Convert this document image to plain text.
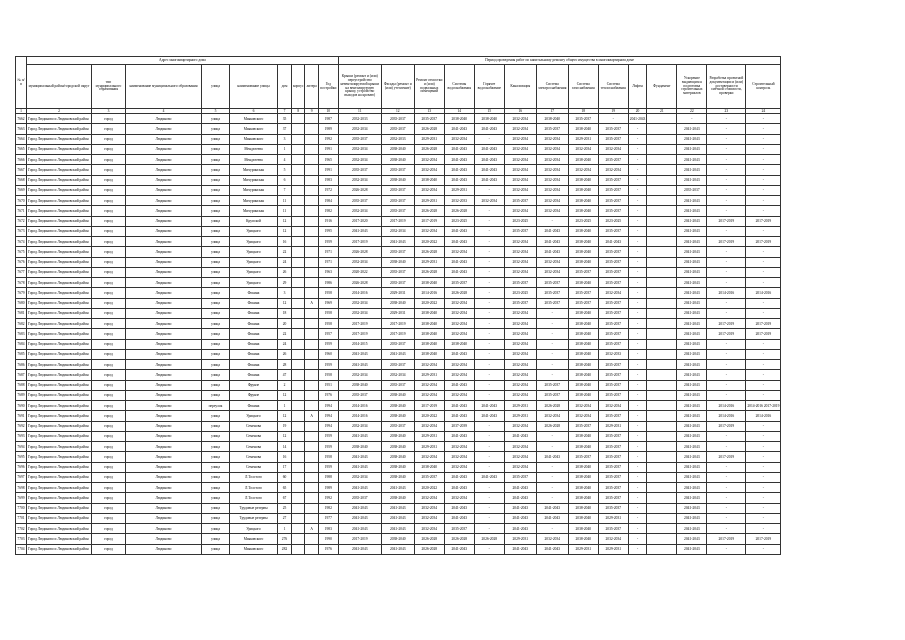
№ п/п	Адрес многоквартирного дома									Период проведения работ по капитальному ремонту общего имущества в многоквартирном доме													
	муниципальный район/городской округ	тип муниципального образования	наименование муниципального образования	улица	наименование улицы	дом	корпус	литера	Год постройки	Крыши (ремонт и (или) переустройство невентилируемой крыши на вентилируемую крышу, устройство выходов на кровлю)	Фасады (ремонт и (или) утепление)	Ремонт отмостки и (или) подвальных помещений	Системы водоснабжения	Горячее водоснабжение	Канализация	Система электроснабжения	Система газоснабжения	Система теплоснабжения	Лифты	Фундамент	Ускорение выдающихся подготовка строительных материалов	Разработка проектной документации и (или) достоверности сметной стоимости, проверки	Строительный контроль
1	2	3	4	5	6	7	8	9	10	11	12	13	14	15	16	17	18	19	20	21	22	23	24
7662	Город Людиново и Людиновский район	город	Людиново	улица	Маяковского	35			1987	2032-2033	2035-2037	2035-2037	2038-2040	2038-2040	2032-2034	2038-2040	2035-2037	-	2041-2043		-	-	-
7663	Город Людиново и Людиновский район	город	Людиново	улица	Маяковского	37			1989	2032-2034	2035-2037	2026-2028	2041-2043	2041-2043	2032-2034	2035-2037	2038-2040	2035-2037	-		2041-2043	-	-
7664	Город Людиново и Людиновский район	город	Людиново	улица	Маяковского	3			1992	2035-2037	2032-2033	2029-2031	2032-2034	-	2032-2034	2032-2034	2029-2031	2035-2037	-		2041-2043	-	-
7665	Город Людиново и Людиновский район	город	Людиново	улица	Менделеева	1			1991	2032-2034	2038-2040	2026-2028	2041-2043	2041-2043	2032-2034	2032-2034	2032-2034	2032-2034	-		2041-2043	-	-
7666	Город Людиново и Людиновский район	город	Людиново	улица	Менделеева	4			1965	2032-2034	2038-2040	2032-2034	2041-2043	2041-2043	2032-2034	2032-2034	2038-2040	2035-2037	-		2041-2043	-	-
7667	Город Людиново и Людиновский район	город	Людиново	улица	Мичуринская	5			1991	2035-2037	2035-2037	2032-2034	2041-2043	2041-2043	2032-2034	2032-2034	2032-2034	2032-2034	-		2041-2043	-	-
7668	Город Людиново и Людиновский район	город	Людиново	улица	Мичуринская	6			1983	2032-2034	2038-2040	2038-2040	2041-2043	2041-2043	2032-2034	2032-2034	2038-2040	2035-2037	-		2041-2043	-	-
7669	Город Людиново и Людиновский район	город	Людиново	улица	Мичуринская	7			1972	2026-2028	2035-2037	2032-2034	2029-2031	-	2032-2034	2032-2034	2038-2040	2035-2037	-		2035-2037	-	-
7670	Город Людиново и Людиновский район	город	Людиново	улица	Мичуринская	11			1984	2035-2037	2035-2037	2029-2031	2032-2033	2032-2034	2035-2037	2032-2034	2038-2040	2035-2037	-		2041-2043	-	-
7671	Город Людиново и Людиновский район	город	Людиново	улица	Мичуринская	11			1982	2032-2034	2035-2037	2026-2028	2026-2028	-	2032-2034	2032-2034	2038-2040	2035-2037	-		2041-2043	-	-
7672	Город Людиново и Людиновский район	город	Людиново	улица	Крупской	12			1916	2017-2020	2017-2019	2017-2019	2023-2025	-	2023-2025	-	2023-2025	2023-2025	-		2041-2043	2017-2019	2017-2019
7673	Город Людиново и Людиновский район	город	Людиново	улица	Урицкого	12			1995	2041-2043	2032-2034	2032-2034	2041-2043	-	2035-2037	2041-2043	2038-2040	2035-2037	-		2041-2043	-	-
7674	Город Людиново и Людиновский район	город	Людиново	улица	Урицкого	16			1959	2017-2019	2041-2043	2020-2022	2041-2043	-	2032-2034	2041-2043	2038-2040	2041-2043	-		2041-2043	2017-2019	2017-2019
7675	Город Людиново и Людиновский район	город	Людиново	улица	Урицкого	22			1971	2026-2028	2035-2037	2026-2028	2032-2034	-	2032-2034	2041-2043	2038-2040	2035-2037	-		2041-2043	-	-
7676	Город Людиново и Людиновский район	город	Людиново	улица	Урицкого	24			1971	2032-2034	2038-2040	2029-2031	2041-2043	-	2032-2034	2032-2034	2038-2040	2035-2037	-		2041-2043	-	-
7677	Город Людиново и Людиновский район	город	Людиново	улица	Урицкого	26			1963	2020-2022	2035-2037	2026-2028	2041-2043	-	2032-2034	2032-2034	2035-2037	2035-2037	-		2041-2043	-	-
7678	Город Людиново и Людиновский район	город	Людиново	улица	Урицкого	29			1986	2026-2028	2035-2037	2038-2040	2035-2037	-	2035-2037	2035-2037	2038-2040	2035-2037	-		2041-2043	-	-
7679	Город Людиново и Людиновский район	город	Людиново	улица	Фокина	3			1958	2014-2016	2029-2031	2014-2016	2026-2028	-	2023-2025	2035-2037	2035-2037	2032-2034	-		2041-2043	2014-2016	2014-2016
7680	Город Людиново и Людиновский район	город	Людиново	улица	Фокина	12		А	1969	2032-2034	2038-2040	2020-2022	2032-2034	-	2035-2037	2035-2037	2035-2037	2035-2037	-		2041-2043	-	-
7681	Город Людиново и Людиновский район	город	Людиново	улица	Фокина	18			1958	2032-2034	2029-2031	2038-2040	2032-2034	-	2032-2034	-	2038-2040	2035-2037	-		2041-2043	-	-
7682	Город Людиново и Людиновский район	город	Людиново	улица	Фокина	20			1958	2017-2019	2017-2019	2038-2040	2032-2034	-	2032-2034	-	2038-2040	2035-2037	-		2041-2043	2017-2019	2017-2019
7683	Город Людиново и Людиновский район	город	Людиново	улица	Фокина	22			1957	2017-2019	2017-2019	2038-2040	2032-2034	-	2032-2034	-	2038-2040	2035-2037	-		2041-2043	2017-2019	2017-2019
7684	Город Людиново и Людиновский район	город	Людиново	улица	Фокина	24			1959	2014-2015	2035-2037	2038-2040	2038-2040	-	2032-2034	-	2038-2040	2035-2037	-		2041-2043	-	-
7685	Город Людиново и Людиновский район	город	Людиново	улица	Фокина	26			1960	2041-2043	2041-2043	2038-2040	2041-2043	-	2032-2034	-	2038-2040	2032-2033	-		2041-2043	-	-
7686	Город Людиново и Людиновский район	город	Людиново	улица	Фокина	28			1959	2041-2043	2035-2037	2032-2034	2032-2034	-	2032-2034	-	2038-2040	2035-2037	-		2041-2043	-	-
7687	Город Людиново и Людиновский район	город	Людиново	улица	Фокина	47			1958	2032-2034	2032-2034	2029-2031	2032-2034	-	2032-2034	-	2038-2040	2035-2037	-		2041-2043	-	-
7688	Город Людиново и Людиновский район	город	Людиново	улица	Фрунзе	2			1951	2038-2040	2035-2037	2032-2034	2041-2043	-	2032-2034	2035-2037	2038-2040	2035-2037	-		2041-2043	-	-
7689	Город Людиново и Людиновский район	город	Людиново	улица	Фрунзе	12			1976	2035-2037	2038-2040	2032-2034	2032-2034	-	2032-2034	2035-2037	2038-2040	2035-2037	-		2041-2043	-	-
7690	Город Людиново и Людиновский район	город	Людиново	переулок	Фокина	1			1994	2014-2016	2038-2040	2017-2019	2041-2043	2041-2043	2029-2031	2026-2028	2032-2034	2032-2034	-		2041-2043	2014-2016	2014-2016 2017-2019
7691	Город Людиново и Людиновский район	город	Людиново	улица	Урицкого	12		А	1994	2014-2016	2038-2040	2020-2022	2041-2043	2041-2043	2029-2031	2032-2034	2032-2034	2035-2037	-		2041-2043	2014-2016	2014-2016
7692	Город Людиново и Людиновский район	город	Людиново	улица	Семенова	19			1994	2032-2034	2035-2037	2032-2034	2037-2039	-	2032-2034	2026-2028	2035-2037	2029-2031	-		2041-2043	2017-2019	-
7693	Город Людиново и Людиновский район	город	Людиново	улица	Семенова	12			1959	2041-2043	2038-2040	2029-2031	2041-2043	-	2041-2043	-	2038-2040	2035-2037	-		2041-2043	-	-
7694	Город Людиново и Людиновский район	город	Людиново	улица	Семенова	14			1959	2038-2040	2038-2040	2029-2031	2032-2034	-	2032-2034	-	2038-2040	2035-2037	-		2041-2043	-	-
7695	Город Людиново и Людиновский район	город	Людиново	улица	Семенова	16			1958	2041-2043	2038-2040	2032-2034	2032-2034	-	2032-2034	2041-2043	2035-2037	2035-2037	-		2041-2043	2017-2019	-
7696	Город Людиново и Людиновский район	город	Людиново	улица	Семенова	17			1959	2041-2043	2038-2040	2038-2040	2032-2034	-	2032-2034	-	2038-2040	2035-2037	-		2041-2043	-	-
7697	Город Людиново и Людиновский район	город	Людиново	улица	Л.Толстого	60			1988	2032-2034	2038-2040	2035-2037	2041-2043	2041-2043	2035-2037	-	2038-2040	2035-2037	-		2041-2043	-	-
7698	Город Людиново и Людиновский район	город	Людиново	улица	Л.Толстого	65			1989	2041-2043	2041-2043	2020-2022	2041-2043	-	2041-2043	-	2038-2040	2035-2037	-		2041-2043	-	-
7699	Город Людиново и Людиновский район	город	Людиново	улица	Л.Толстого	67			1992	2035-2037	2038-2040	2032-2034	2032-2034	-	2041-2043	-	2038-2040	2035-2037	-		2041-2043	-	-
7700	Город Людиново и Людиновский район	город	Людиново	улица	Трудовые резервы	25			1982	2041-2043	2041-2043	2032-2034	2041-2043	-	2041-2043	2041-2043	2038-2040	2035-2037	-		2041-2043	-	-
7701	Город Людиново и Людиновский район	город	Людиново	улица	Трудовые резервы	27			1977	2041-2043	2041-2043	2032-2034	2041-2043	-	2041-2043	2041-2043	2038-2040	2029-2031	-		2041-2043	-	-
7702	Город Людиново и Людиновский район	город	Людиново	улица	Урицкого	1		А	1983	2041-2043	2041-2043	2032-2034	2035-2037	-	2041-2043	-	2038-2040	2035-2037	-		2041-2043	-	-
7703	Город Людиново и Людиновский район	город	Людиново	улица	Маяковского	276			1990	2017-2019	2038-2040	2026-2028	2026-2028	2026-2028	2029-2031	2032-2034	2038-2040	2032-2034	-		2041-2043	2017-2019	2017-2019
7704	Город Людиново и Людиновский район	город	Людиново	улица	Маяковского	282			1976	2041-2043	2041-2043	2026-2028	2041-2043	-	2041-2043	2041-2043	2029-2031	2029-2031	-		2041-2043	-	-
